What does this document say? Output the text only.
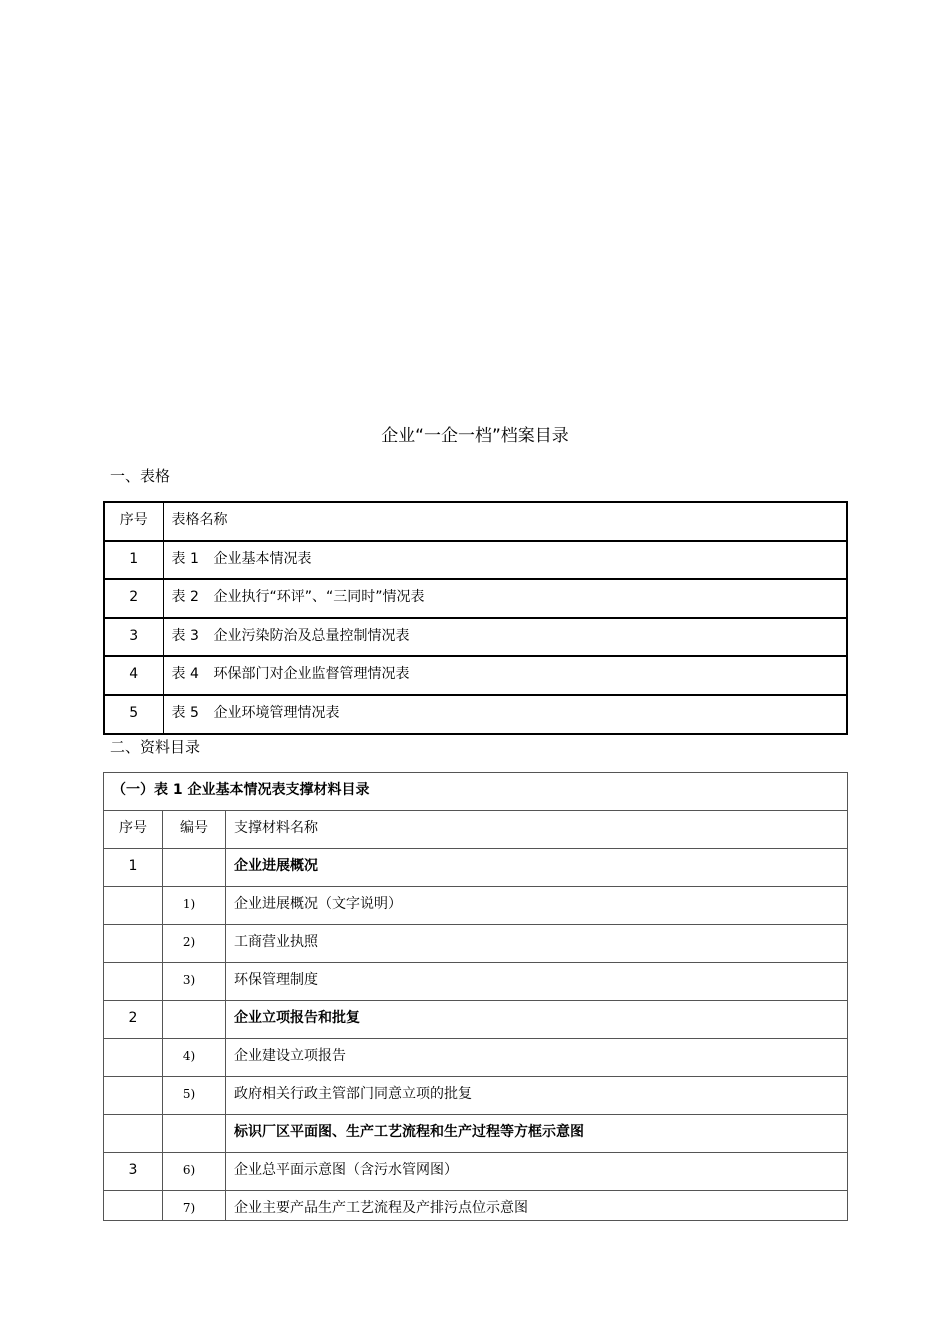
企业“一企一档”档案目录
一、表格
序号	表格名称
1	表 1 企业基本情况表
2	表 2 企业执行“环评”、“三同时”情况表
3	表 3 企业污染防治及总量控制情况表
4	表 4 环保部门对企业监督管理情况表
5	表 5 企业环境管理情况表
二、资料目录
（一）表 1 企业基本情况表支撑材料目录		
序号	编号	支撑材料名称
1		企业进展概况
	1)	企业进展概况（文字说明）
	2)	工商营业执照
	3)	环保管理制度
2		企业立项报告和批复
	4)	企业建设立项报告
	5)	政府相关行政主管部门同意立项的批复
		标识厂区平面图、生产工艺流程和生产过程等方框示意图
3	6)	企业总平面示意图（含污水管网图）
	7)	企业主要产品生产工艺流程及产排污点位示意图
